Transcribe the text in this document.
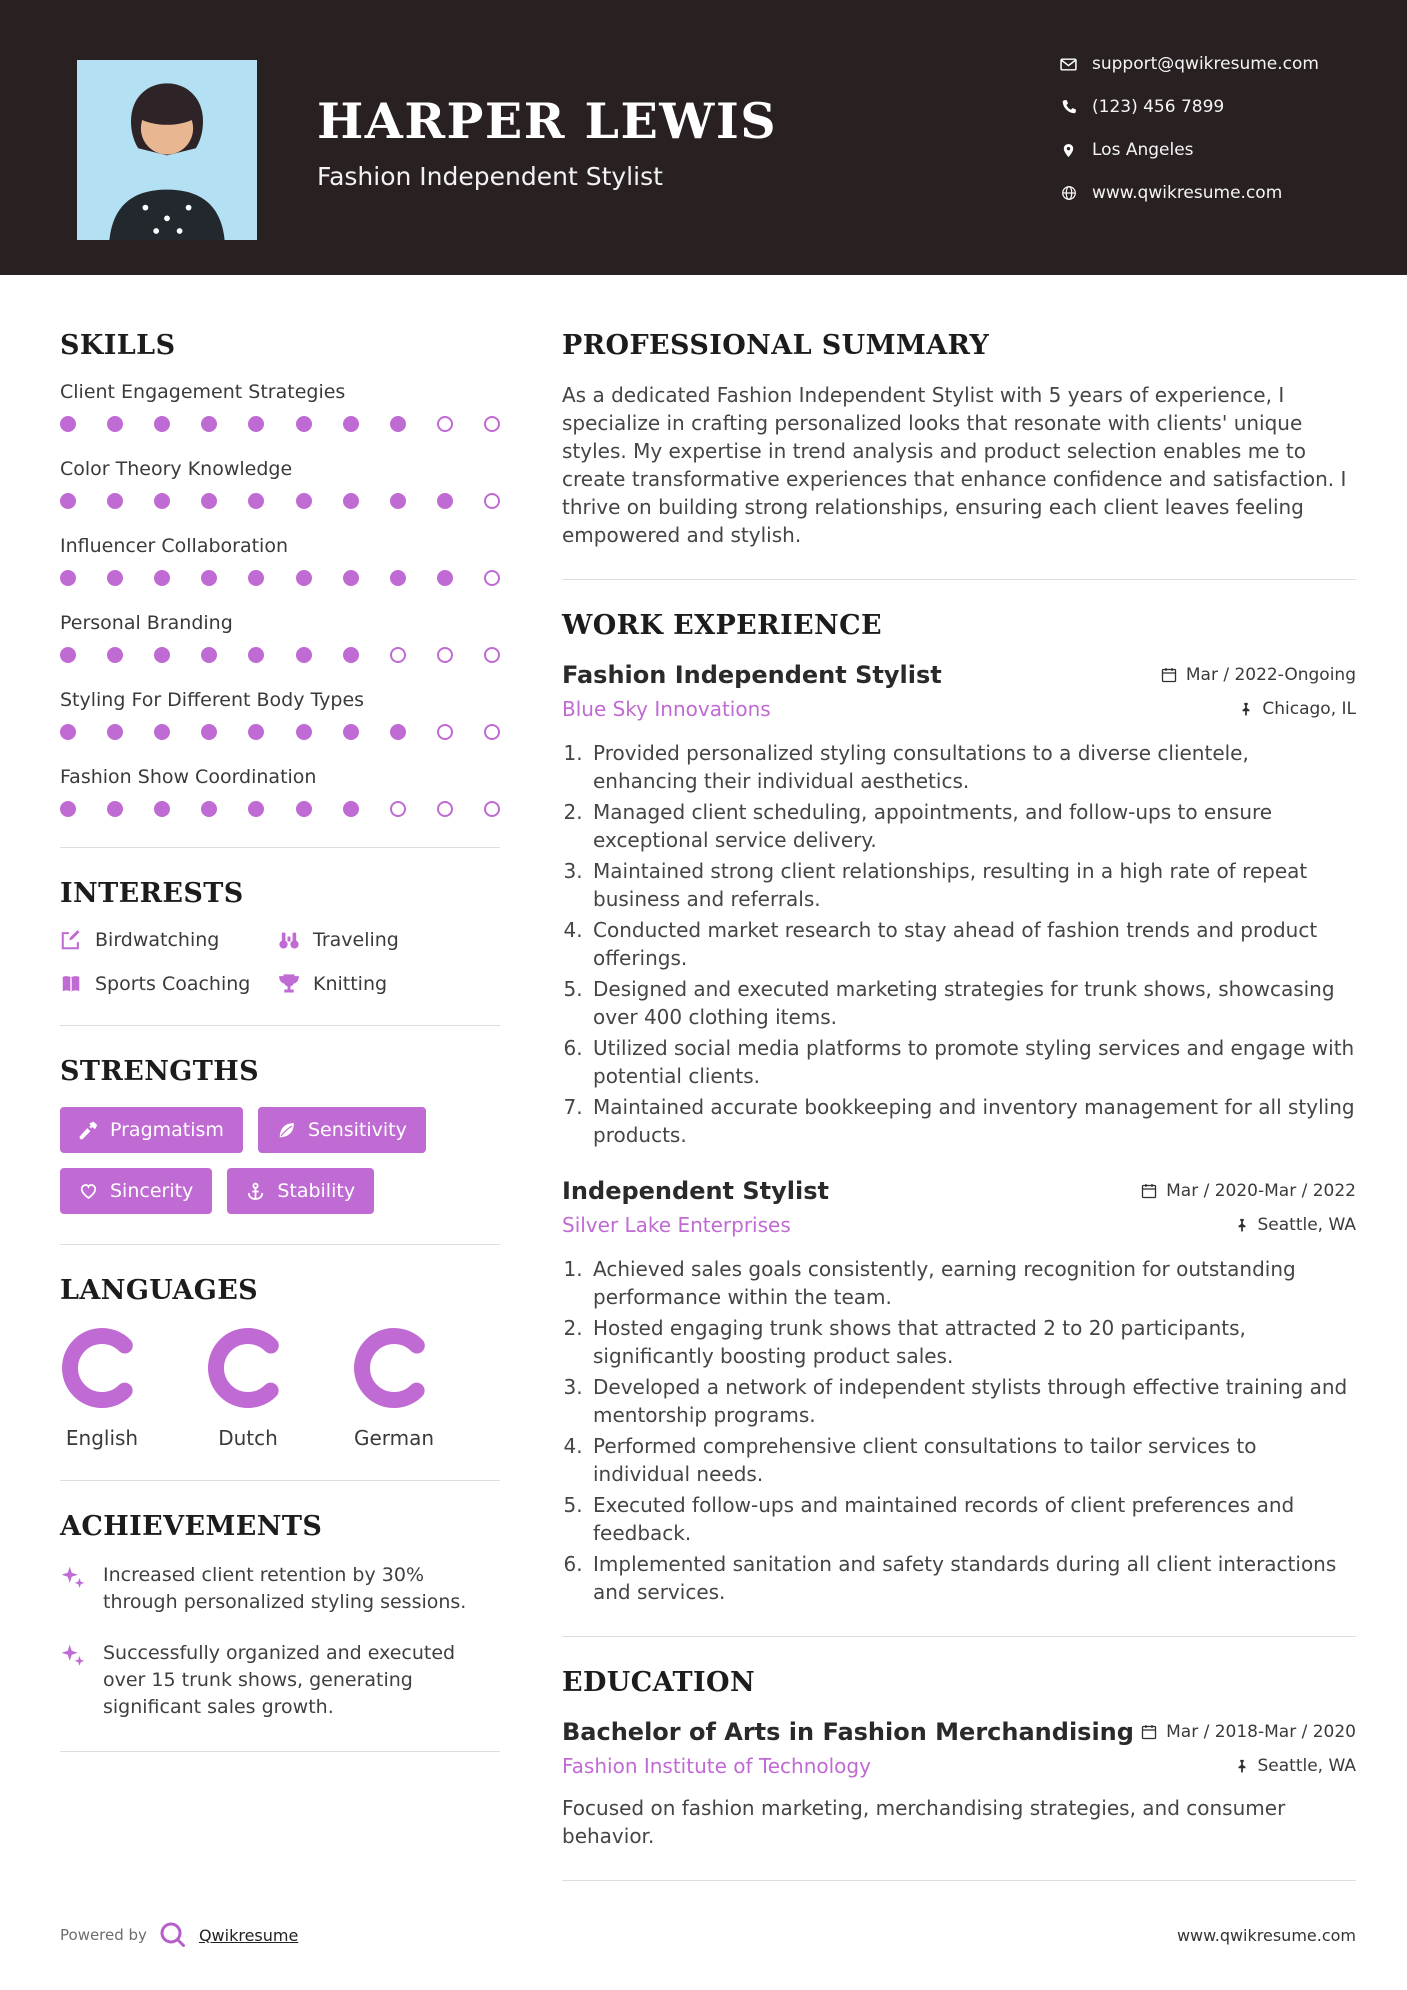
HARPER LEWIS
Fashion Independent Stylist
support@qwikresume.com
(123) 456 7899
Los Angeles
www.qwikresume.com
SKILLS
Client Engagement Strategies
Color Theory Knowledge
Influencer Collaboration
Personal Branding
Styling For Different Body Types
Fashion Show Coordination
INTERESTS
Birdwatching	Traveling
Sports Coaching	Knitting
STRENGTHS
Pragmatism	Sensitivity
Sincerity	Stability
LANGUAGES
English	Dutch	German
ACHIEVEMENTS
Increased client retention by 30% through personalized styling sessions.
Successfully organized and executed over 15 trunk shows, generating significant sales growth.
PROFESSIONAL SUMMARY

As a dedicated Fashion Independent Stylist with 5 years of experience, I specialize in crafting personalized looks that resonate with clients' unique styles. My expertise in trend analysis and product selection enables me to create transformative experiences that enhance confidence and satisfaction. I thrive on building strong relationships, ensuring each client leaves feeling empowered and stylish.

WORK EXPERIENCE
Fashion Independent Stylist	Mar / 2022-Ongoing
Blue Sky Innovations	Chicago, IL
1. Provided personalized styling consultations to a diverse clientele, enhancing their individual aesthetics.
2. Managed client scheduling, appointments, and follow-ups to ensure exceptional service delivery.
3. Maintained strong client relationships, resulting in a high rate of repeat business and referrals.
4. Conducted market research to stay ahead of fashion trends and product offerings.
5. Designed and executed marketing strategies for trunk shows, showcasing over 400 clothing items.
6. Utilized social media platforms to promote styling services and engage with potential clients.
7. Maintained accurate bookkeeping and inventory management for all styling products.
Independent Stylist	Mar / 2020-Mar / 2022
Silver Lake Enterprises	Seattle, WA
1. Achieved sales goals consistently, earning recognition for outstanding performance within the team.
2. Hosted engaging trunk shows that attracted 2 to 20 participants, significantly boosting product sales.
3. Developed a network of independent stylists through effective training and mentorship programs.
4. Performed comprehensive client consultations to tailor services to individual needs.
5. Executed follow-ups and maintained records of client preferences and feedback.
6. Implemented sanitation and safety standards during all client interactions and services.
EDUCATION
Bachelor of Arts in Fashion Merchandising Mar / 2018-Mar / 2020
Fashion Institute of Technology	Seattle, WA
Focused on fashion marketing, merchandising strategies, and consumer behavior.
Powered by	Qwikresume	www.qwikresume.com
